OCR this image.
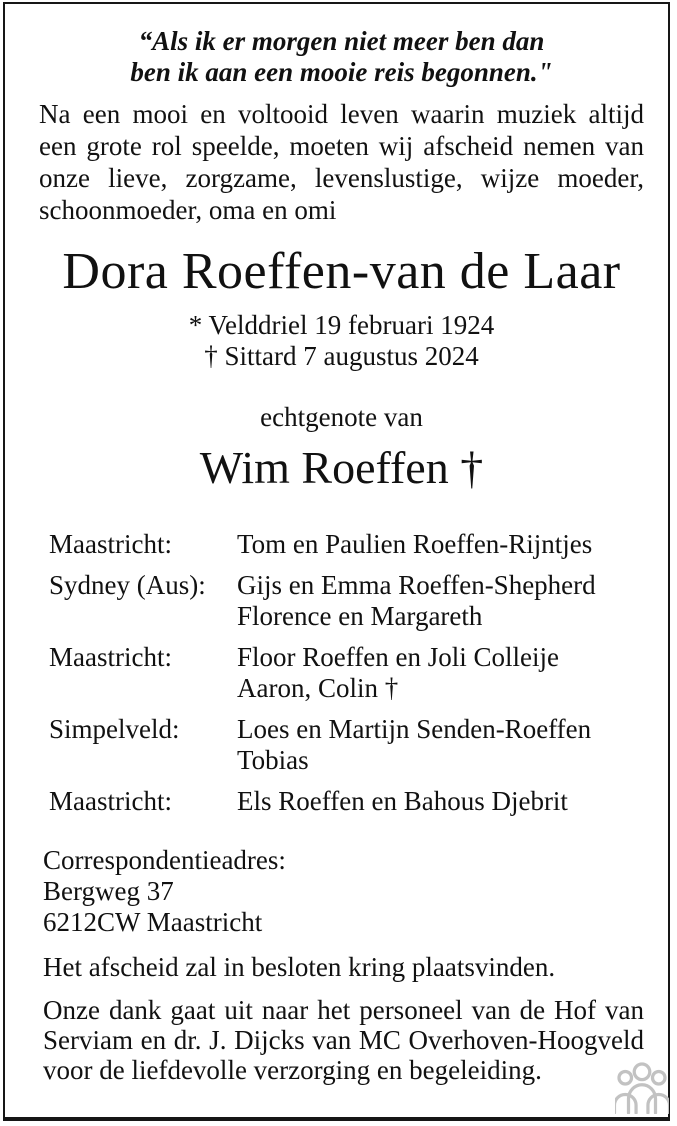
“Als ik er morgen niet meer ben dan
ben ik aan een mooie reis begonnen."

Na een mooi en voltooid leven waarin muziek altijd een grote rol speelde, moeten wij afscheid nemen van onze lieve, zorgzame, levenslustige, wijze moeder, schoonmoeder, oma en omi

Dora Roeffen-van de Laar
* Velddriel 19 februari 1924
† Sittard 7 augustus 2024
echtgenote van
Wim Roeffen †
Maastricht:	Tom en Paulien Roeffen-Rijntjes
Sydney (Aus):	Gijs en Emma Roeffen-Shepherd
Florence en Margareth
Maastricht:	Floor Roeffen en Joli Colleije
Aaron, Colin †
Simpelveld:	Loes en Martijn Senden-Roeffen
Tobias
Maastricht:	Els Roeffen en Bahous Djebrit
Correspondentieadres:
Bergweg 37
6212CW Maastricht
Het afscheid zal in besloten kring plaatsvinden.

Onze dank gaat uit naar het personeel van de Hof van Serviam en dr. J. Dijcks van MC Overhoven-Hoogveld voor de liefdevolle verzorging en begeleiding.
